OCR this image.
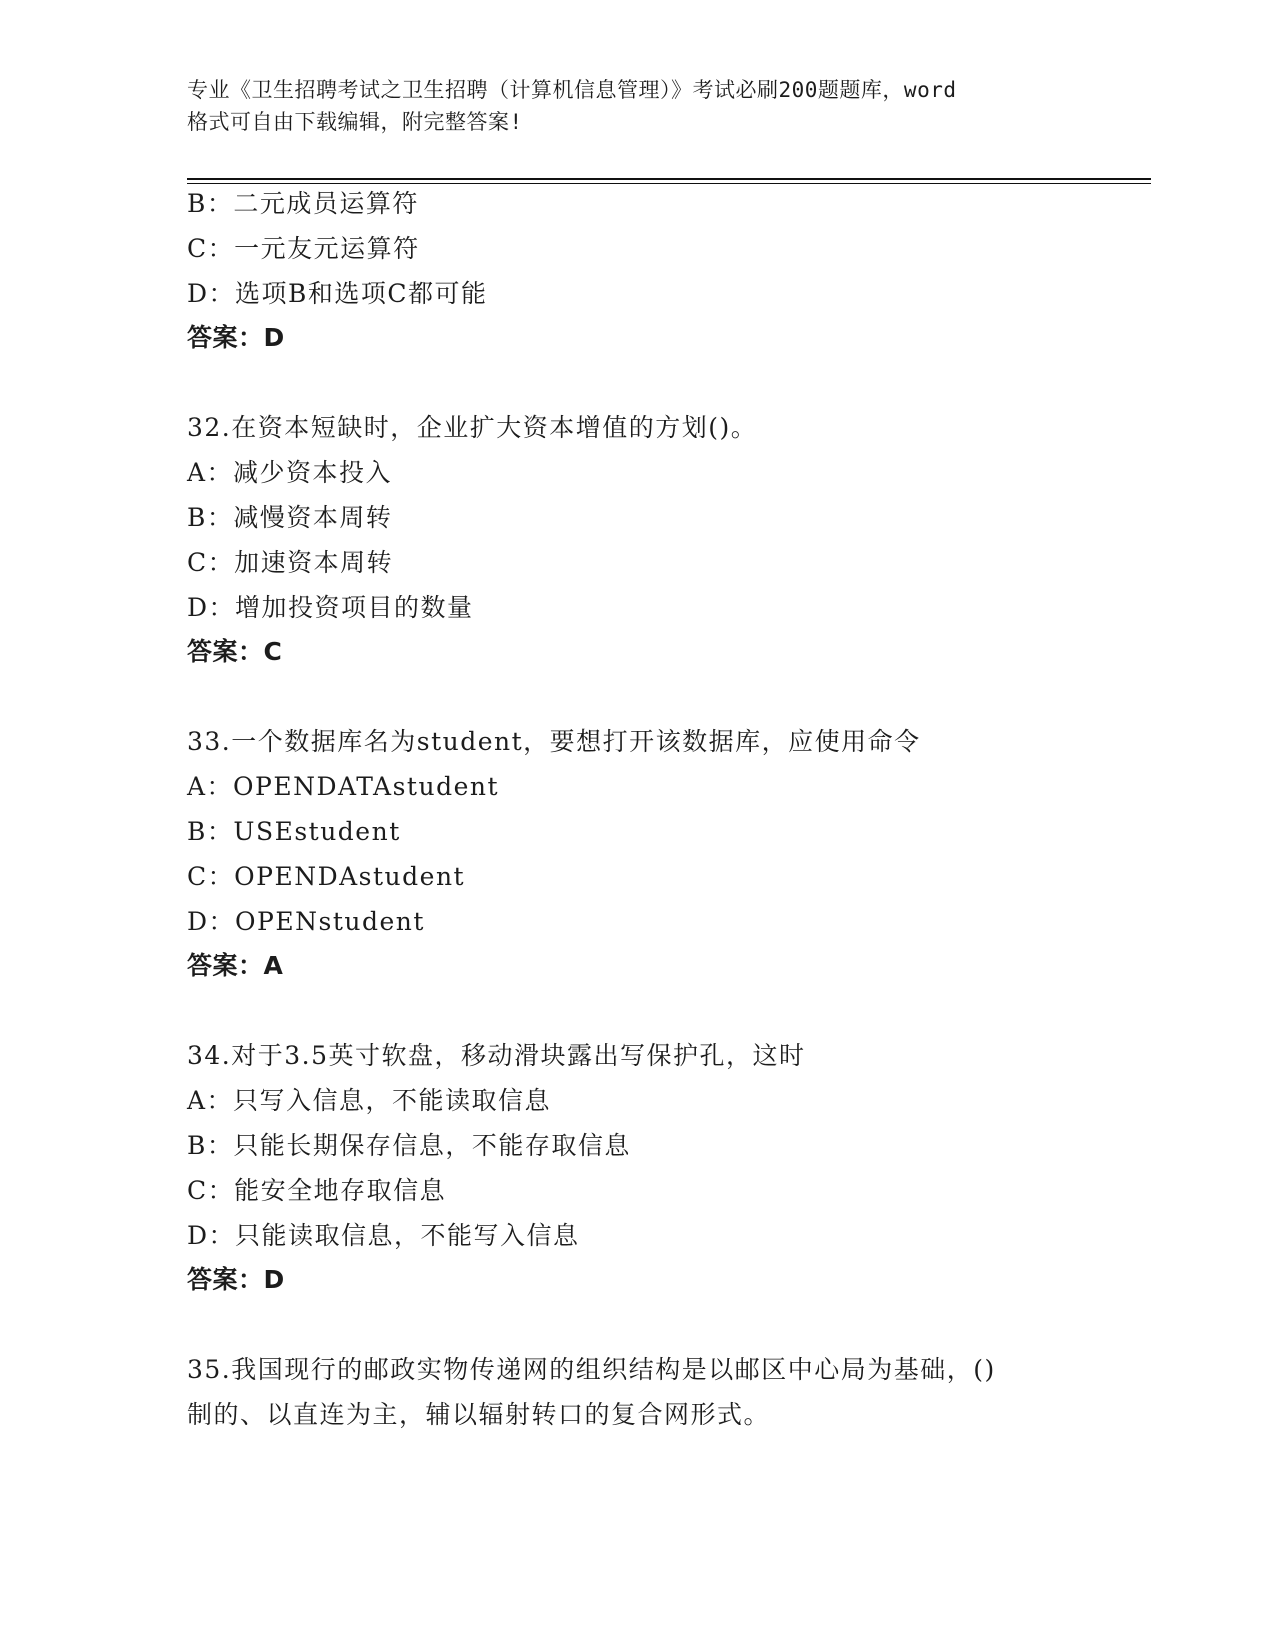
专业《卫生招聘考试之卫生招聘（计算机信息管理）》考试必刷200题题库，word
格式可自由下载编辑，附完整答案!
B：二元成员运算符
C：一元友元运算符
D：选项B和选项C都可能
答案：D
32.在资本短缺时，企业扩大资本增值的方划()。
A：减少资本投入
B：减慢资本周转
C：加速资本周转
D：增加投资项目的数量
答案：C
33.一个数据库名为student，要想打开该数据库，应使用命令
A：OPENDATAstudent
B：USEstudent
C：OPENDAstudent
D：OPENstudent
答案：A
34.对于3.5英寸软盘，移动滑块露出写保护孔，这时
A：只写入信息，不能读取信息
B：只能长期保存信息，不能存取信息
C：能安全地存取信息
D：只能读取信息，不能写入信息
答案：D
35.我国现行的邮政实物传递网的组织结构是以邮区中心局为基础，()
制的、以直连为主，辅以辐射转口的复合网形式。
